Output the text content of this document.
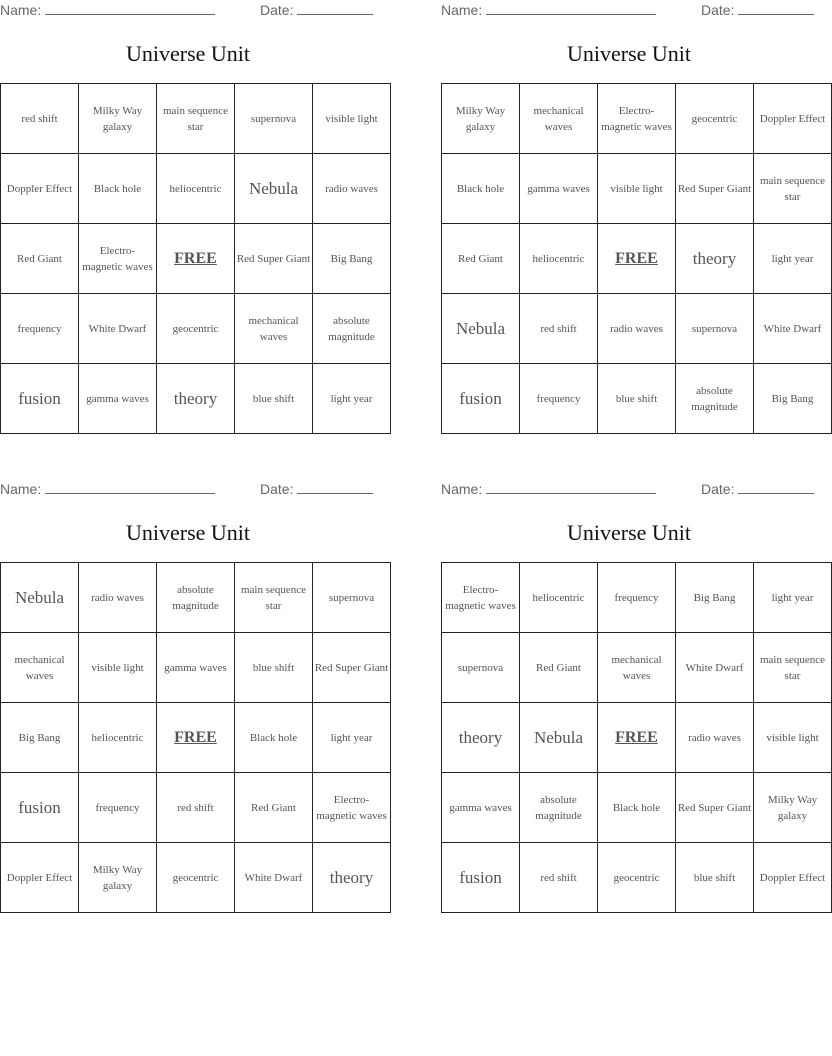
Name:	Date:
Universe Unit
red shift	Milky Way galaxy	main sequence star	supernova	visible light
Doppler Effect	Black hole	heliocentric	Nebula	radio waves
Red Giant	Electro-magnetic waves	FREE	Red Super Giant	Big Bang
frequency	White Dwarf	geocentric	mechanical waves	absolute magnitude
fusion	gamma waves	theory	blue shift	light year
Name:	Date:
Universe Unit
Milky Way galaxy	mechanical waves	Electro-magnetic waves	geocentric	Doppler Effect
Black hole	gamma waves	visible light	Red Super Giant	main sequence star
Red Giant	heliocentric	FREE	theory	light year
Nebula	red shift	radio waves	supernova	White Dwarf
fusion	frequency	blue shift	absolute magnitude	Big Bang
Name:	Date:
Universe Unit
Nebula	radio waves	absolute magnitude	main sequence star	supernova
mechanical waves	visible light	gamma waves	blue shift	Red Super Giant
Big Bang	heliocentric	FREE	Black hole	light year
fusion	frequency	red shift	Red Giant	Electro-magnetic waves
Doppler Effect	Milky Way galaxy	geocentric	White Dwarf	theory
Name:	Date:
Universe Unit
Electro-magnetic waves	heliocentric	frequency	Big Bang	light year
supernova	Red Giant	mechanical waves	White Dwarf	main sequence star
theory	Nebula	FREE	radio waves	visible light
gamma waves	absolute magnitude	Black hole	Red Super Giant	Milky Way galaxy
fusion	red shift	geocentric	blue shift	Doppler Effect
